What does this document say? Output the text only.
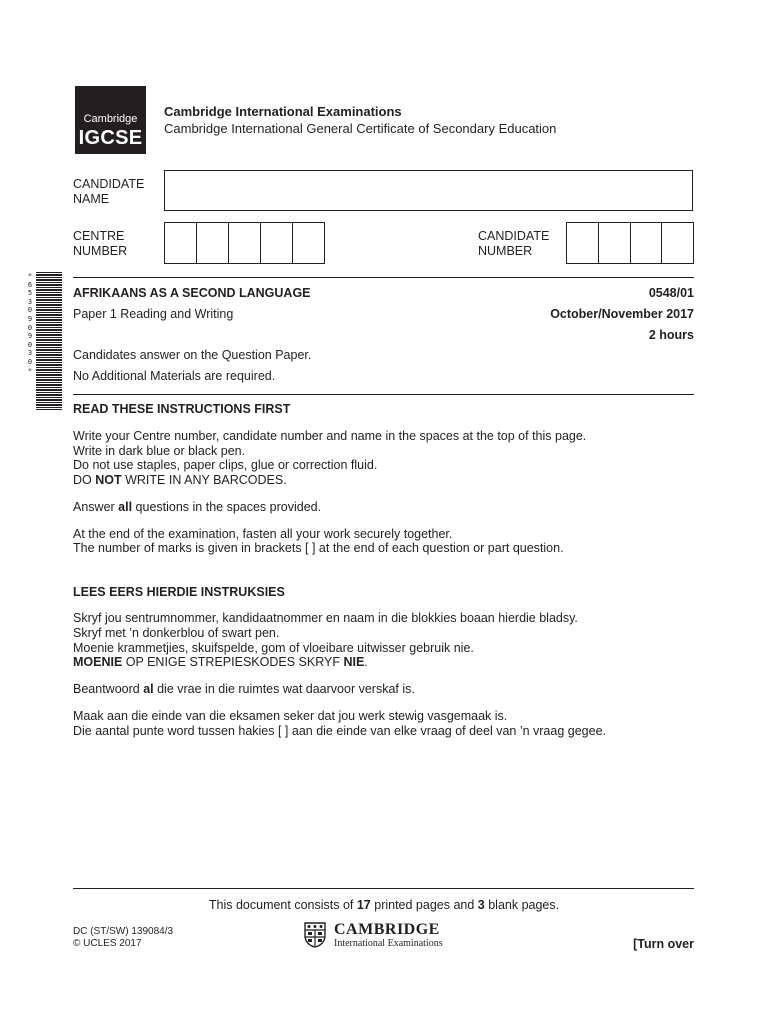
Cambridge
IGCSE
Cambridge International Examinations
Cambridge International General Certificate of Secondary Education
CANDIDATE
NAME
CENTRE
NUMBER
CANDIDATE
NUMBER
*6530909030*
AFRIKAANS AS A SECOND LANGUAGE	0548/01
Paper 1 Reading and Writing	October/November 2017
2 hours
Candidates answer on the Question Paper.
No Additional Materials are required.
READ THESE INSTRUCTIONS FIRST
Write your Centre number, candidate number and name in the spaces at the top of this page.
Write in dark blue or black pen.
Do not use staples, paper clips, glue or correction fluid.
DO NOT WRITE IN ANY BARCODES.
Answer all questions in the spaces provided.
At the end of the examination, fasten all your work securely together.
The number of marks is given in brackets [ ] at the end of each question or part question.
LEES EERS HIERDIE INSTRUKSIES
Skryf jou sentrumnommer, kandidaatnommer en naam in die blokkies boaan hierdie bladsy.
Skryf met ’n donkerblou of swart pen.
Moenie krammetjies, skuifspelde, gom of vloeibare uitwisser gebruik nie.
MOENIE OP ENIGE STREPIESKODES SKRYF NIE.
Beantwoord al die vrae in die ruimtes wat daarvoor verskaf is.
Maak aan die einde van die eksamen seker dat jou werk stewig vasgemaak is.
Die aantal punte word tussen hakies [ ] aan die einde van elke vraag of deel van ’n vraag gegee.
This document consists of 17 printed pages and 3 blank pages.
DC (ST/SW) 139084/3
© UCLES 2017
CAMBRIDGE
International Examinations	[Turn over
